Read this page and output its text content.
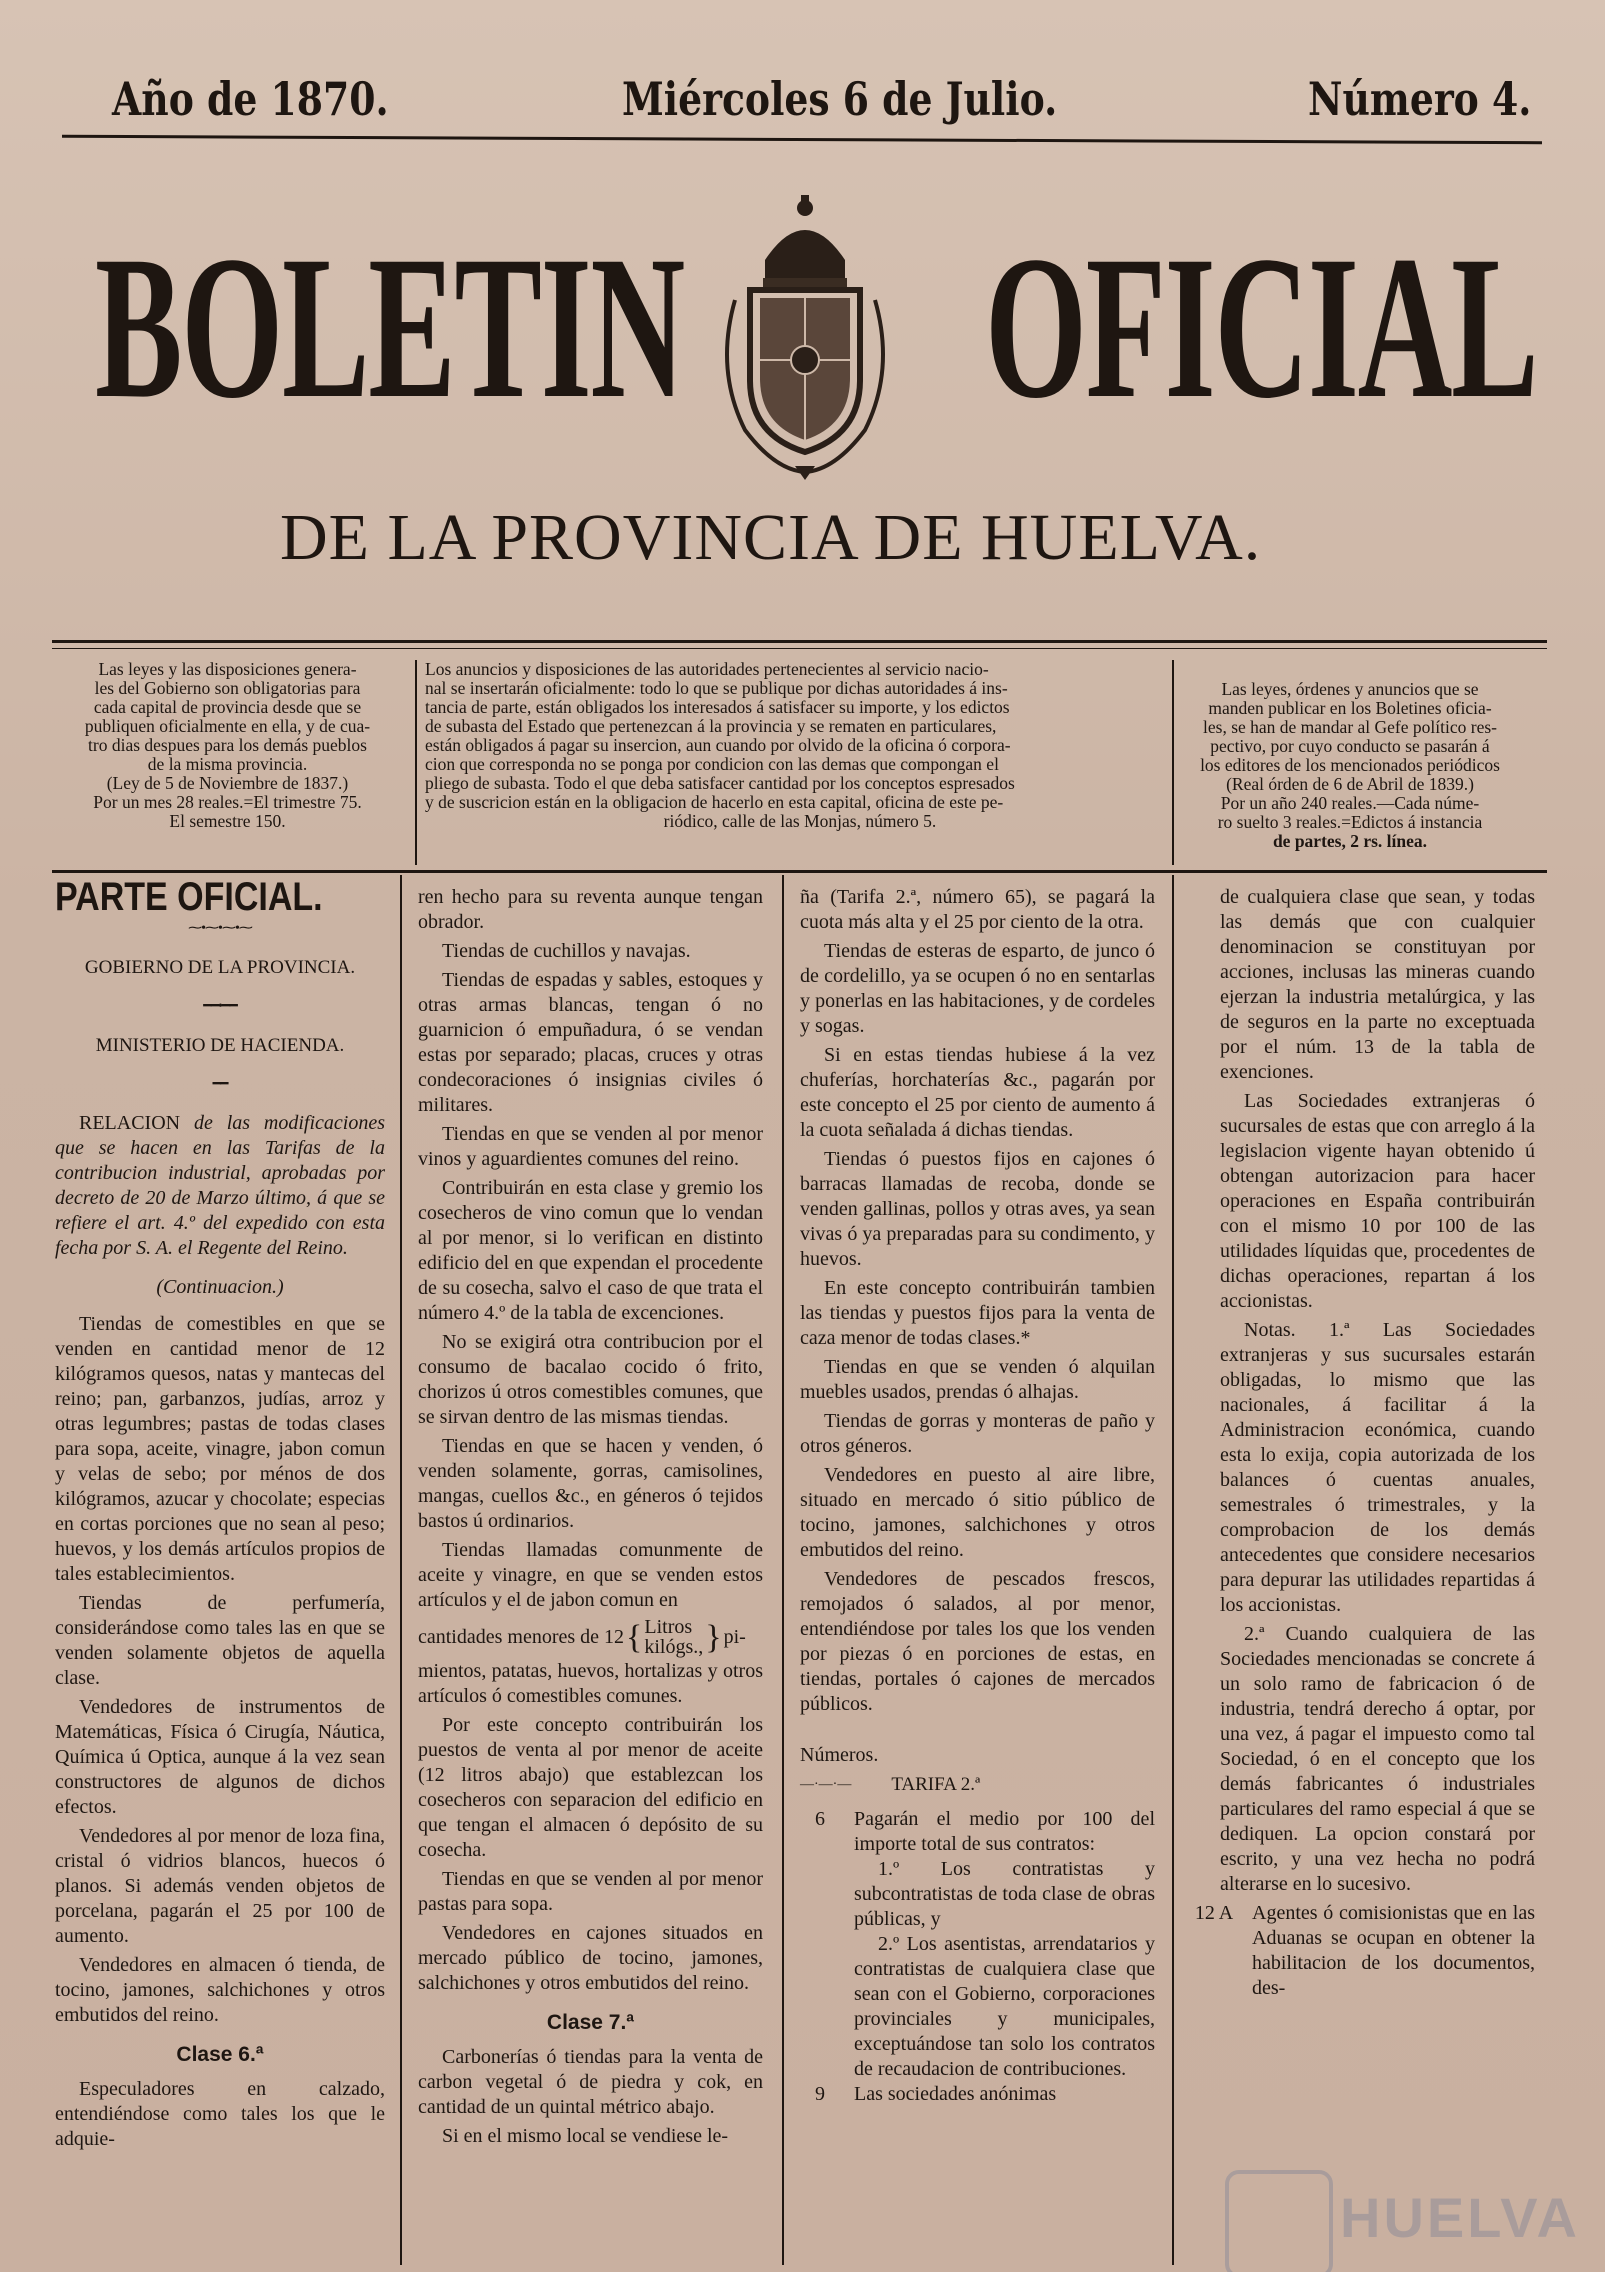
Año de 1870.	Miércoles 6 de Julio.	Número 4.
BOLETIN OFICIAL
DE LA PROVINCIA DE HUELVA.
Las leyes y las disposiciones genera-
les del Gobierno son obligatorias para
cada capital de provincia desde que se
publiquen oficialmente en ella, y de cua-
tro dias despues para los demás pueblos
de la misma provincia.
(Ley de 5 de Noviembre de 1837.)
Por un mes 28 reales.=El trimestre 75.
El semestre 150.
Los anuncios y disposiciones de las autoridades pertenecientes al servicio nacio-
nal se insertarán oficialmente: todo lo que se publique por dichas autoridades á ins-
tancia de parte, están obligados los interesados á satisfacer su importe, y los edictos
de subasta del Estado que pertenezcan á la provincia y se rematen en particulares,
están obligados á pagar su insercion, aun cuando por olvido de la oficina ó corpora-
cion que corresponda no se ponga por condicion con las demas que compongan el
pliego de subasta. Todo el que deba satisfacer cantidad por los conceptos espresados
y de suscricion están en la obligacion de hacerlo en esta capital, oficina de este pe-
riódico, calle de las Monjas, número 5.
Las leyes, órdenes y anuncios que se
manden publicar en los Boletines oficia-
les, se han de mandar al Gefe político res-
pectivo, por cuyo conducto se pasarán á
los editores de los mencionados periódicos
(Real órden de 6 de Abril de 1839.)
Por un año 240 reales.—Cada núme-
ro suelto 3 reales.=Edictos á instancia
de partes, 2 rs. línea.
PARTE OFICIAL.
⁓•⁓•⁓•⁓
GOBIERNO DE LA PROVINCIA.
━━•━━
MINISTERIO DE HACIENDA.
━━

RELACION de las modificaciones que se hacen en las Tarifas de la contribucion industrial, aprobadas por decreto de 20 de Marzo último, á que se refiere el art. 4.º del expedido con esta fecha por S. A. el Regente del Reino.

(Continuacion.)

Tiendas de comestibles en que se venden en cantidad menor de 12 kilógramos quesos, natas y mantecas del reino; pan, garbanzos, judías, arroz y otras legumbres; pastas de todas clases para sopa, aceite, vinagre, jabon comun y velas de sebo; por ménos de dos kilógramos, azucar y chocolate; especias en cortas porciones que no sean al peso; huevos, y los demás artículos propios de tales establecimientos.

Tiendas de perfumería, considerándose como tales las en que se venden solamente objetos de aquella clase.

Vendedores de instrumentos de Matemáticas, Física ó Cirugía, Náutica, Química ú Optica, aunque á la vez sean constructores de algunos de dichos efectos.

Vendedores al por menor de loza fina, cristal ó vidrios blancos, huecos ó planos. Si además venden objetos de porcelana, pagarán el 25 por 100 de aumento.

Vendedores en almacen ó tienda, de tocino, jamones, salchichones y otros embutidos del reino.

Clase 6.ª

Especuladores en calzado, entendiéndose como tales los que le adquie-

ren hecho para su reventa aunque tengan obrador.

Tiendas de cuchillos y navajas.

Tiendas de espadas y sables, estoques y otras armas blancas, tengan ó no guarnicion ó empuñadura, ó se vendan estas por separado; placas, cruces y otras condecoraciones ó insignias civiles ó militares.

Tiendas en que se venden al por menor vinos y aguardientes comunes del reino.

Contribuirán en esta clase y gremio los cosecheros de vino comun que lo vendan al por menor, si lo verifican en distinto edificio del en que expendan el procedente de su cosecha, salvo el caso de que trata el número 4.º de la tabla de excenciones.

No se exigirá otra contribucion por el consumo de bacalao cocido ó frito, chorizos ú otros comestibles comunes, que se sirvan dentro de las mismas tiendas.

Tiendas en que se hacen y venden, ó venden solamente, gorras, camisolines, mangas, cuellos &c., en géneros ó tejidos bastos ú ordinarios.

Tiendas llamadas comunmente de aceite y vinagre, en que se venden estos artículos y el de jabon comun en

cantidades menores de 12 { Litros
kilógs., } pi-

mientos, patatas, huevos, hortalizas y otros artículos ó comestibles comunes.

Por este concepto contribuirán los puestos de venta al por menor de aceite (12 litros abajo) que establezcan los cosecheros con separacion del edificio en que tengan el almacen ó depósito de su cosecha.

Tiendas en que se venden al por menor pastas para sopa.

Vendedores en cajones situados en mercado público de tocino, jamones, salchichones y otros embutidos del reino.

Clase 7.ª

Carbonerías ó tiendas para la venta de carbon vegetal ó de piedra y cok, en cantidad de un quintal métrico abajo.

Si en el mismo local se vendiese le-

ña (Tarifa 2.ª, número 65), se pagará la cuota más alta y el 25 por ciento de la otra.

Tiendas de esteras de esparto, de junco ó de cordelillo, ya se ocupen ó no en sentarlas y ponerlas en las habitaciones, y de cordeles y sogas.

Si en estas tiendas hubiese á la vez chuferías, horchaterías &c., pagarán por este concepto el 25 por ciento de aumento á la cuota señalada á dichas tiendas.

Tiendas ó puestos fijos en cajones ó barracas llamadas de recoba, donde se venden gallinas, pollos y otras aves, ya sean vivas ó ya preparadas para su condimento, y huevos.

En este concepto contribuirán tambien las tiendas y puestos fijos para la venta de caza menor de todas clases.*

Tiendas en que se venden ó alquilan muebles usados, prendas ó alhajas.

Tiendas de gorras y monteras de paño y otros géneros.

Vendedores en puesto al aire libre, situado en mercado ó sitio público de tocino, jamones, salchichones y otros embutidos del reino.

Vendedores de pescados frescos, remojados ó salados, al por menor, entendiéndose por tales los que los venden por piezas ó en porciones de estas, en tiendas, portales ó cajones de mercados públicos.

Números.
—·—·— TARIFA 2.ª
6	Pagarán el medio por 100 del importe total de sus contratos:
1.º Los contratistas y subcontratistas de toda clase de obras públicas, y
2.º Los asentistas, arrendatarios y contratistas de cualquiera clase que sean con el Gobierno, corporaciones provinciales y municipales, exceptuándose tan solo los contratos de recaudacion de contribuciones.
9	Las sociedades anónimas

de cualquiera clase que sean, y todas las demás que con cualquier denominacion se constituyan por acciones, inclusas las mineras cuando ejerzan la industria metalúrgica, y las de seguros en la parte no exceptuada por el núm. 13 de la tabla de exenciones.

Las Sociedades extranjeras ó sucursales de estas que con arreglo á la legislacion vigente hayan obtenido ú obtengan autorizacion para hacer operaciones en España contribuirán con el mismo 10 por 100 de las utilidades líquidas que, procedentes de dichas operaciones, repartan á los accionistas.

Notas. 1.ª Las Sociedades extranjeras y sus sucursales estarán obligadas, lo mismo que las nacionales, á facilitar á la Administracion económica, cuando esta lo exija, copia autorizada de los balances ó cuentas anuales, semestrales ó trimestrales, y la comprobacion de los demás antecedentes que considere necesarios para depurar las utilidades repartidas á los accionistas.

2.ª Cuando cualquiera de las Sociedades mencionadas se concrete á un solo ramo de fabricacion ó de industria, tendrá derecho á optar, por una vez, á pagar el impuesto como tal Sociedad, ó en el concepto que los demás fabricantes ó industriales particulares del ramo especial á que se dediquen. La opcion constará por escrito, y una vez hecha no podrá alterarse en lo sucesivo.

12 A Agentes ó comisionistas que en las Aduanas se ocupan en obtener la habilitacion de los documentos, des-
HUELVA
